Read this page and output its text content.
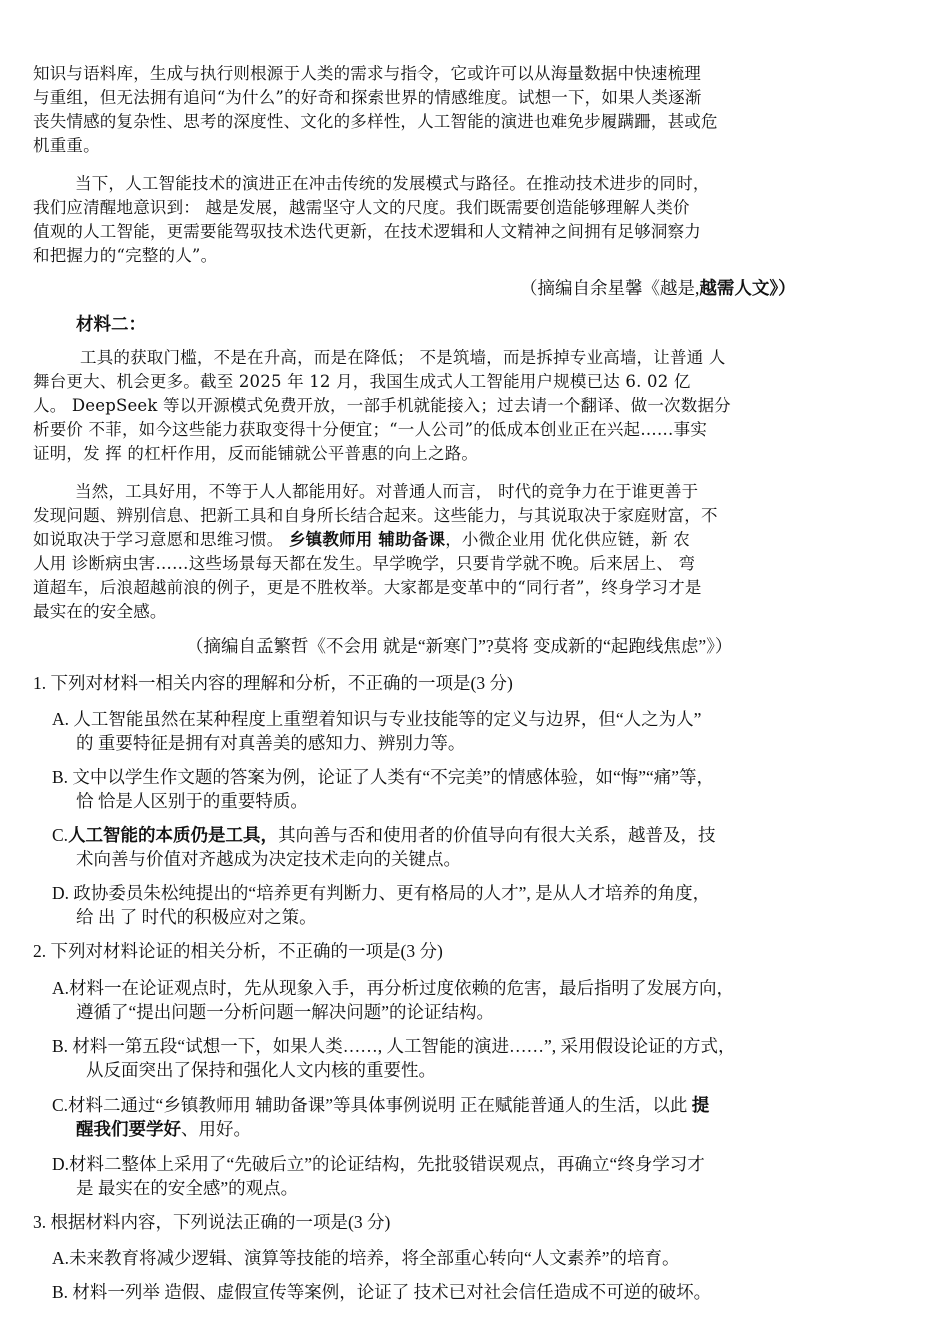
知识与语料库，生成与执行则根源于人类的需求与指令，它或许可以从海量数据中快速梳理

与重组，但无法拥有追问“为什么”的好奇和探索世界的情感维度。试想一下，如果人类逐渐

丧失情感的复杂性、思考的深度性、文化的多样性，人工智能的演进也难免步履蹒跚，甚或危

机重重。

当下，人工智能技术的演进正在冲击传统的发展模式与路径。在推动技术进步的同时，

我们应清醒地意识到： 越是发展，越需坚守人文的尺度。我们既需要创造能够理解人类价

值观的人工智能，更需要能驾驭技术迭代更新，在技术逻辑和人文精神之间拥有足够洞察力

和把握力的“完整的人”。

（摘编自余星馨《越是,越需人文》）

材料二：

工具的获取门槛，不是在升高，而是在降低； 不是筑墙，而是拆掉专业高墙，让普通 人

舞台更大、机会更多。截至 2025 年 12 月，我国生成式人工智能用户规模已达 6. 02 亿

人。 DeepSeek 等以开源模式免费开放，一部手机就能接入；过去请一个翻译、做一次数据分

析要价 不菲，如今这些能力获取变得十分便宜；“一人公司”的低成本创业正在兴起……事实

证明，发 挥 的杠杆作用，反而能铺就公平普惠的向上之路。

当然，工具好用，不等于人人都能用好。对普通人而言， 时代的竞争力在于谁更善于

发现问题、辨别信息、把新工具和自身所长结合起来。这些能力，与其说取决于家庭财富，不

如说取决于学习意愿和思维习惯。 乡镇教师用 辅助备课，小微企业用 优化供应链，新 农

人用 诊断病虫害……这些场景每天都在发生。早学晚学，只要肯学就不晚。后来居上、 弯

道超车，后浪超越前浪的例子，更是不胜枚举。大家都是变革中的“同行者”，终身学习才是

最实在的安全感。

（摘编自孟繁哲《不会用 就是“新寒门”?莫将 变成新的“起跑线焦虑”》）

1. 下列对材料一相关内容的理解和分析，不正确的一项是(3 分)

A. 人工智能虽然在某种程度上重塑着知识与专业技能等的定义与边界，但“人之为人”

的 重要特征是拥有对真善美的感知力、辨别力等。

B. 文中以学生作文题的答案为例，论证了人类有“不完美”的情感体验，如“悔”“痛”等，

恰 恰是人区别于的重要特质。

C.人工智能的本质仍是工具，其向善与否和使用者的价值导向有很大关系，越普及，技

术向善与价值对齐越成为决定技术走向的关键点。

D. 政协委员朱松纯提出的“培养更有判断力、更有格局的人才”, 是从人才培养的角度，

给 出 了 时代的积极应对之策。

2. 下列对材料论证的相关分析，不正确的一项是(3 分)

A.材料一在论证观点时，先从现象入手，再分析过度依赖的危害，最后指明了发展方向，

遵循了“提出问题一分析问题一解决问题”的论证结构。

B. 材料一第五段“试想一下，如果人类……, 人工智能的演进……”, 采用假设论证的方式，

从反面突出了保持和强化人文内核的重要性。

C.材料二通过“乡镇教师用 辅助备课”等具体事例说明 正在赋能普通人的生活，以此 提

醒我们要学好、用好。

D.材料二整体上采用了“先破后立”的论证结构，先批驳错误观点，再确立“终身学习才

是 最实在的安全感”的观点。

3. 根据材料内容，下列说法正确的一项是(3 分)

A.未来教育将减少逻辑、演算等技能的培养，将全部重心转向“人文素养”的培育。

B. 材料一列举 造假、虚假宣传等案例，论证了 技术已对社会信任造成不可逆的破坏。
